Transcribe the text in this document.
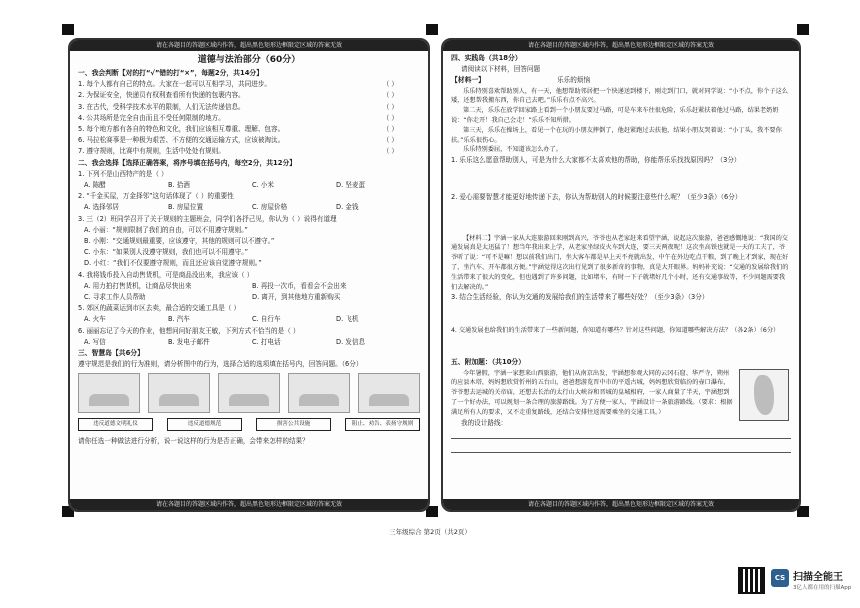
请在各题目的答题区域内作答，超出黑色矩形边框限定区域的答案无效
道德与法治部分（60分）
一、我会判断【对的打“√”错的打“×”，每题2分，共14分】
1. 每个人都有自己的特点。大家在一起可以互相学习，共同进步。	（ ）
2. 为保证安全，快递员有权利查看所有快递的包裹内容。	（ ）
3. 在古代，受科学技术水平的限制，人们无法传递信息。	（ ）
4. 公共场所是完全自由而且不受任何限制的地方。	（ ）
5. 每个地方都有各自的特色和文化，我们应该相互尊重、理解、包容。	（ ）
6. 马拉松赛事是一种极为艰苦、不方便的交通运输方式，应该被淘汰。	（ ）
7. 遵守规则，比赛中有规则，生活中处处有规则。	（ ）
二、我会选择【选择正确答案，将序号填在括号内，每空2分，共12分】
1. 下列不是山西特产的是（ ）
A. 陈醋	B. 拾酒	C. 小米	D. 坚麦蛋
2. “千金买屋，万金择邻”这句话体现了（ ）的重要性
A. 选择邻居	B. 房屋位置	C. 房屋价格	D. 金钱
3. 三（2）班同学召开了关于规则的主题班会，同学们各抒己见，你认为（ ）说得有道理
A. 小丽：“规则限制了我们的自由，可以不用遵守规则。”
B. 小刚：“交通规则最重要，应该遵守，其他的规则可以不遵守。”
C. 小东：“如果别人没遵守规则，我们也可以不用遵守。”
D. 小红：“我们不仅要遵守规则，而且还应该自觉遵守规则。”
4. 我将钱币投入自动售货机，可是商品没出来，我应该（ ）
A. 用力拍打售货机，让商品尽快出来	B. 再投一次币，看看会不会出来
C. 寻求工作人员帮助	D. 离开，到其他地方重新购买
5. 郊区的蔬菜运到市区去卖，最合适的交通工具是（ ）
A. 火车	B. 汽车	C. 自行车	D. 飞机
6. 丽丽忘记了今天的作业，他想问问好朋友王敏，下列方式不恰当的是（ ）
A. 写信	B. 发电子邮件	C. 打电话	D. 发信息
三、智慧岛【共6分】
遵守规范是我们的行为准则，请分析图中的行为，选择合适的选项填在括号内，回答问题。（6分）
违反道德文明礼仪	违反道德规范	损害公共设施	阻止、劝告、表扬守规则
请你任选一种做法进行分析，说一说这样的行为是否正确，会带来怎样的结果？
请在各题目的答题区域内作答，超出黑色矩形边框限定区域的答案无效
请在各题目的答题区域内作答，超出黑色矩形边框限定区域的答案无效
四、实践岛（共18分）
请阅读以下材料，回答问题
【材料一】	乐乐的烦恼
乐乐特别喜欢帮助别人，有一天，他想帮助邻居把一个快递送到楼下，刚走到门口，就对同学说：“小不点，你个子这么矮，还想帮我搬东西，你自己去吧。”乐乐有点不高兴。
第二天，乐乐在放学回家路上看到一个小朋友要过马路，可是车来车往很危险，乐乐赶紧扶着他过马路，结果老奶奶说：“你走开！我自己会走！”乐乐不知所措。
第三天，乐乐在操场上，看见一个在玩的小朋友摔倒了，他赶紧跑过去扶他，结果小朋友哭着说：“小丁头，我不要你扶。”乐乐很伤心。
乐乐特别委屈，不知道该怎么办了。
1. 乐乐这么愿意帮助别人，可是为什么大家都不太喜欢他的帮助，你能帮乐乐找找原因吗？（3分）
2. 爱心需要智慧才能更好地传递下去，你认为帮助别人的时候要注意些什么呢？（至少3条）（6分）
【材料二】宇涵一家从大连旅游回来刚到高兴，爷爷也从老家赶来看望宇涵，说起这次旅游，爸爸感慨地说：“我国的交通发展真是太迅猛了！想当年我出来上学，从老家坐绿皮火车到大连，要三天两夜呢！这次坐高铁也就是一天的工夫了，爷爷听了说：“可不是嘛！想以前我们出门，坐大客车都是早上天不亮就出发，中午在外边吃点干粮，到了晚上才到家，现在好了，坐汽车、开车都很方便。”宇涵觉得这次出行见到了很多新奇的事物，真是大开眼界。妈妈补充说：“交通的发展给我们的生活带来了很大的变化，但也遇到了许多问题，比如堵车，有时一下子就堵好几个小时，还有交通事故等，不少问题需要我们去解决的。”
3. 结合生活经验，你认为交通的发展给我们的生活带来了哪些好处？（至少3条）（3分）
4. 交通发展也给我们的生活带来了一些新问题，你知道有哪些？针对这些问题，你知道哪些解决方法？（各2条）（6分）
五、附加题：（共10分）
今年暑假，宇涵一家想来山西旅游，他们从南京出发，宇涵想参观大同的云冈石窟、华严寺，朔州的应县木塔，妈妈想欣赏忻州的五台山，爸爸想游览晋中市的平遥古城，妈妈想欣赏临汾的壶口瀑布，爷爷想去运城的关帝庙，还想去长治的太行山大峡谷和晋城的皇城相府，一家人商量了半天，宇涵想到了一个好办法，可以规划一条合理的旅游路线。为了方便一家人，宇涵设计一条旅游路线。（要求：根据满足所有人的要求，又不走重复路线，还结合安排往返需要乘坐的交通工具。）
我的设计路线：
请在各题目的答题区域内作答，超出黑色矩形边框限定区域的答案无效
三年级综合 第2页（共2页）
CS 扫描全能王
3亿人都在用的扫描App
